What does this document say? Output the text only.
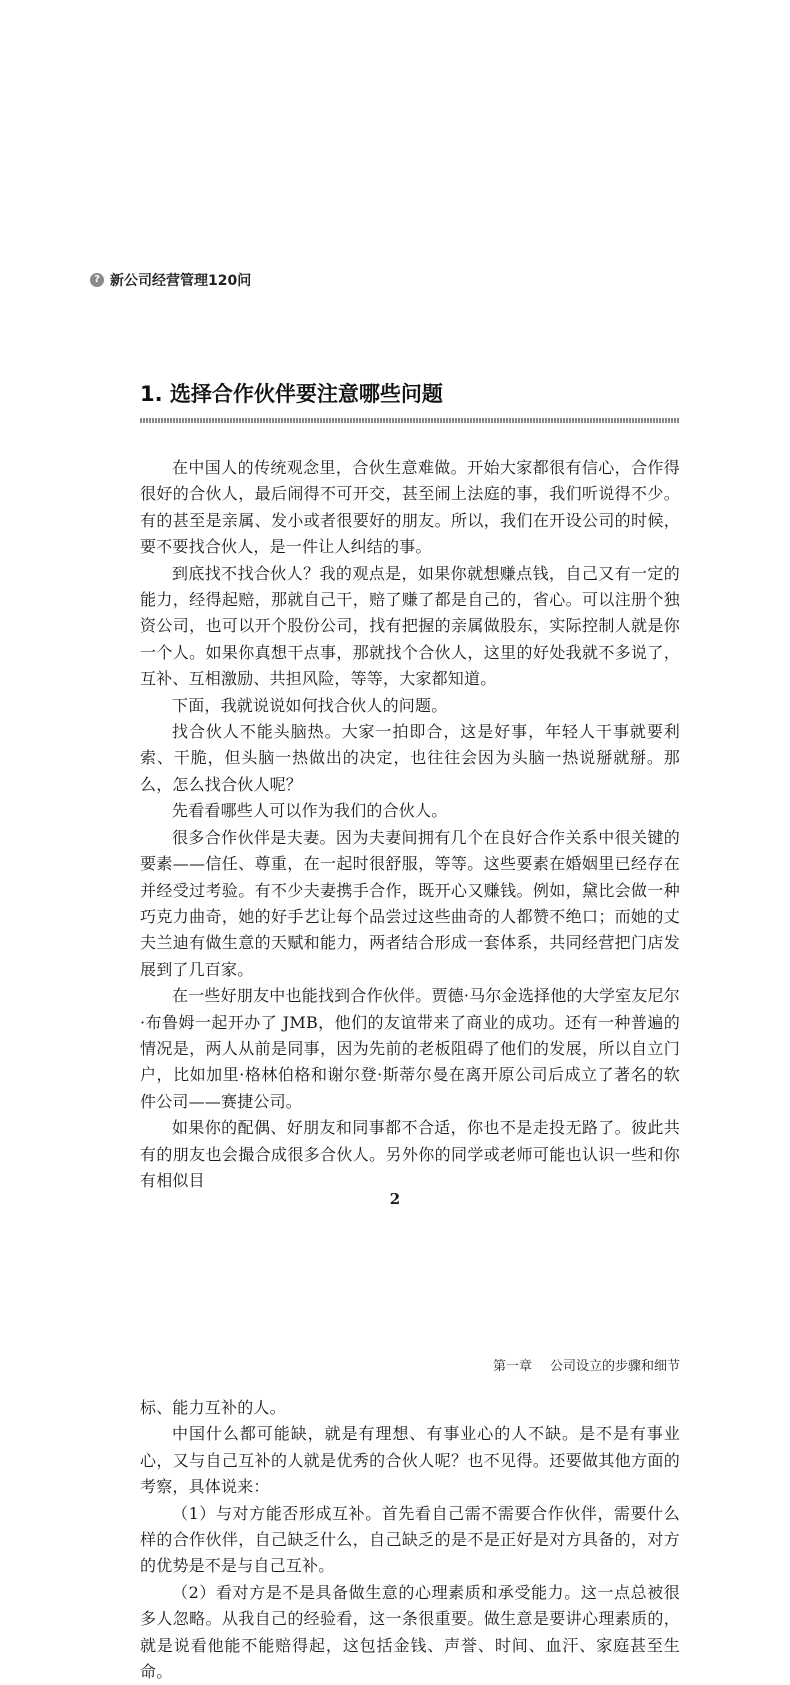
? 新公司经营管理120问
1. 选择合作伙伴要注意哪些问题

在中国人的传统观念里，合伙生意难做。开始大家都很有信心，合作得很好的合伙人，最后闹得不可开交，甚至闹上法庭的事，我们听说得不少。有的甚至是亲属、发小或者很要好的朋友。所以，我们在开设公司的时候，要不要找合伙人，是一件让人纠结的事。

到底找不找合伙人？我的观点是，如果你就想赚点钱，自己又有一定的能力，经得起赔，那就自己干，赔了赚了都是自己的，省心。可以注册个独资公司，也可以开个股份公司，找有把握的亲属做股东，实际控制人就是你一个人。如果你真想干点事，那就找个合伙人，这里的好处我就不多说了，互补、互相激励、共担风险，等等，大家都知道。

下面，我就说说如何找合伙人的问题。

找合伙人不能头脑热。大家一拍即合，这是好事，年轻人干事就要利索、干脆，但头脑一热做出的决定，也往往会因为头脑一热说掰就掰。那么，怎么找合伙人呢？

先看看哪些人可以作为我们的合伙人。

很多合作伙伴是夫妻。因为夫妻间拥有几个在良好合作关系中很关键的要素——信任、尊重，在一起时很舒服，等等。这些要素在婚姻里已经存在并经受过考验。有不少夫妻携手合作，既开心又赚钱。例如，黛比会做一种巧克力曲奇，她的好手艺让每个品尝过这些曲奇的人都赞不绝口；而她的丈夫兰迪有做生意的天赋和能力，两者结合形成一套体系，共同经营把门店发展到了几百家。

在一些好朋友中也能找到合作伙伴。贾德·马尔金选择他的大学室友尼尔·布鲁姆一起开办了 JMB，他们的友谊带来了商业的成功。还有一种普遍的情况是，两人从前是同事，因为先前的老板阻碍了他们的发展，所以自立门户，比如加里·格林伯格和谢尔登·斯蒂尔曼在离开原公司后成立了著名的软件公司——赛捷公司。

如果你的配偶、好朋友和同事都不合适，你也不是走投无路了。彼此共有的朋友也会撮合成很多合伙人。另外你的同学或老师可能也认识一些和你有相似目

2
第一章 公司设立的步骤和细节

标、能力互补的人。

中国什么都可能缺，就是有理想、有事业心的人不缺。是不是有事业心，又与自己互补的人就是优秀的合伙人呢？也不见得。还要做其他方面的考察，具体说来：

（1）与对方能否形成互补。首先看自己需不需要合作伙伴，需要什么样的合作伙伴，自己缺乏什么，自己缺乏的是不是正好是对方具备的，对方的优势是不是与自己互补。

（2）看对方是不是具备做生意的心理素质和承受能力。这一点总被很多人忽略。从我自己的经验看，这一条很重要。做生意是要讲心理素质的，就是说看他能不能赔得起，这包括金钱、声誉、时间、血汗、家庭甚至生命。
